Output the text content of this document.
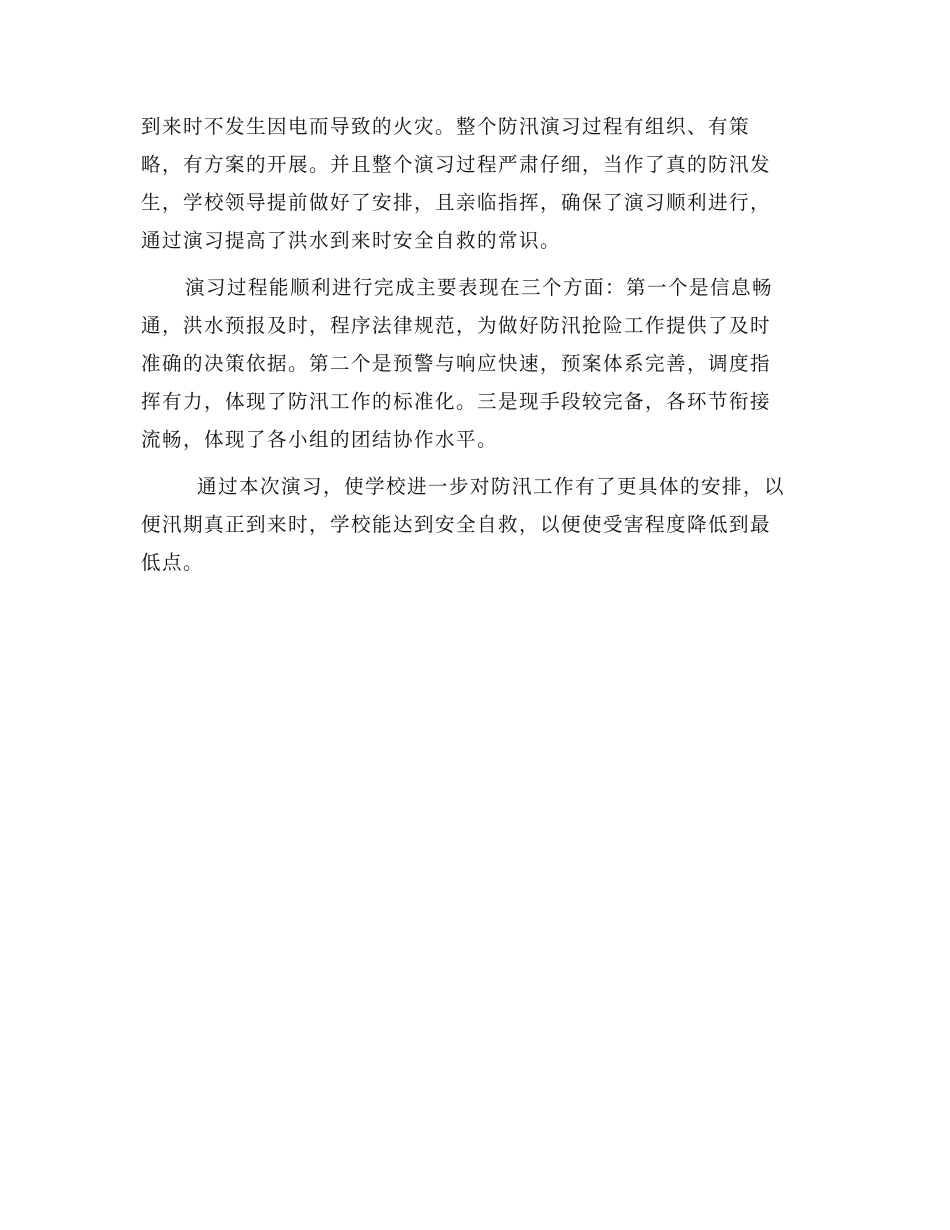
到来时不发生因电而导致的火灾。整个防汛演习过程有组织、有策
略，有方案的开展。并且整个演习过程严肃仔细，当作了真的防汛发
生，学校领导提前做好了安排，且亲临指挥，确保了演习顺利进行，
通过演习提高了洪水到来时安全自救的常识。

演习过程能顺利进行完成主要表现在三个方面：第一个是信息畅
通，洪水预报及时，程序法律规范，为做好防汛抢险工作提供了及时
准确的决策依据。第二个是预警与响应快速，预案体系完善，调度指
挥有力，体现了防汛工作的标准化。三是现手段较完备，各环节衔接
流畅，体现了各小组的团结协作水平。

通过本次演习，使学校进一步对防汛工作有了更具体的安排，以
便汛期真正到来时，学校能达到安全自救，以便使受害程度降低到最
低点。
